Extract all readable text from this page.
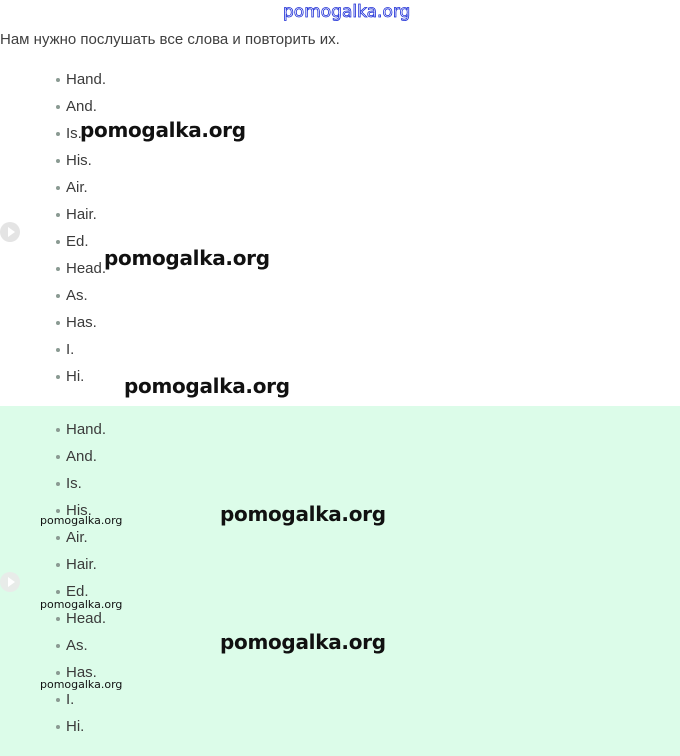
pomogalka.org
Hand.
And.
Is.
His.
Air.
Hair.
Ed.
Head.
As.
Has.
I.
Hi.
pomogalka.org
pomogalka.org
pomogalka.org
Нам нужно послушать все слова и повторить их.
Hand.
And.
Is.
His.
Air.
Hair.
Ed.
Head.
As.
Has.
I.
Hi.
pomogalka.org
pomogalka.org
pomogalka.org
pomogalka.org
pomogalka.org
